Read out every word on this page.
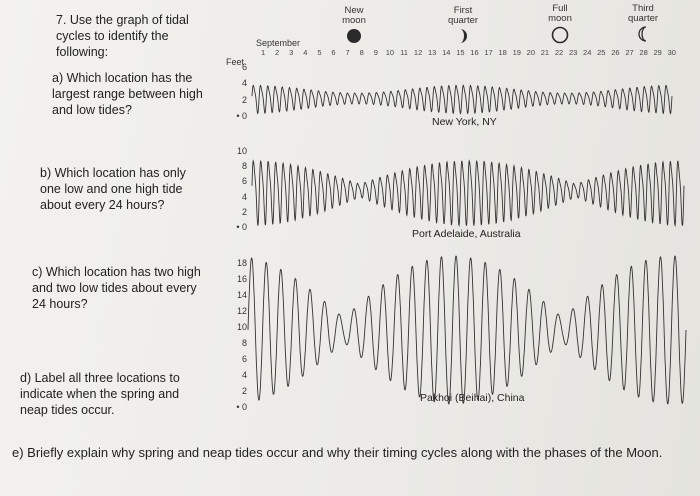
7. Use the graph of tidal cycles to identify the following:
a) Which location has the largest range between high and low tides?
b) Which location has only one low and one high tide about every 24 hours?
c) Which location has two high and two low tides about every 24 hours?
d) Label all three locations to indicate when the spring and neap tides occur.
e) Briefly explain why spring and neap tides occur and why their timing cycles along with the phases of the Moon.
New moon
First quarter
Full moon
Third quarter
September
Feet
1 2 3 4 5 6 7 8 9 10 11 12 13 14 15 16 17 18 19 20 21 22 23 24 25 26 27 28 29 30
6
4
2
• 0
10
8
6
4
2
• 0
18
16
14
12
10
8
6
4
2
• 0
New York, NY
Port Adelaide, Australia
Pakhoi (Beihai), China
